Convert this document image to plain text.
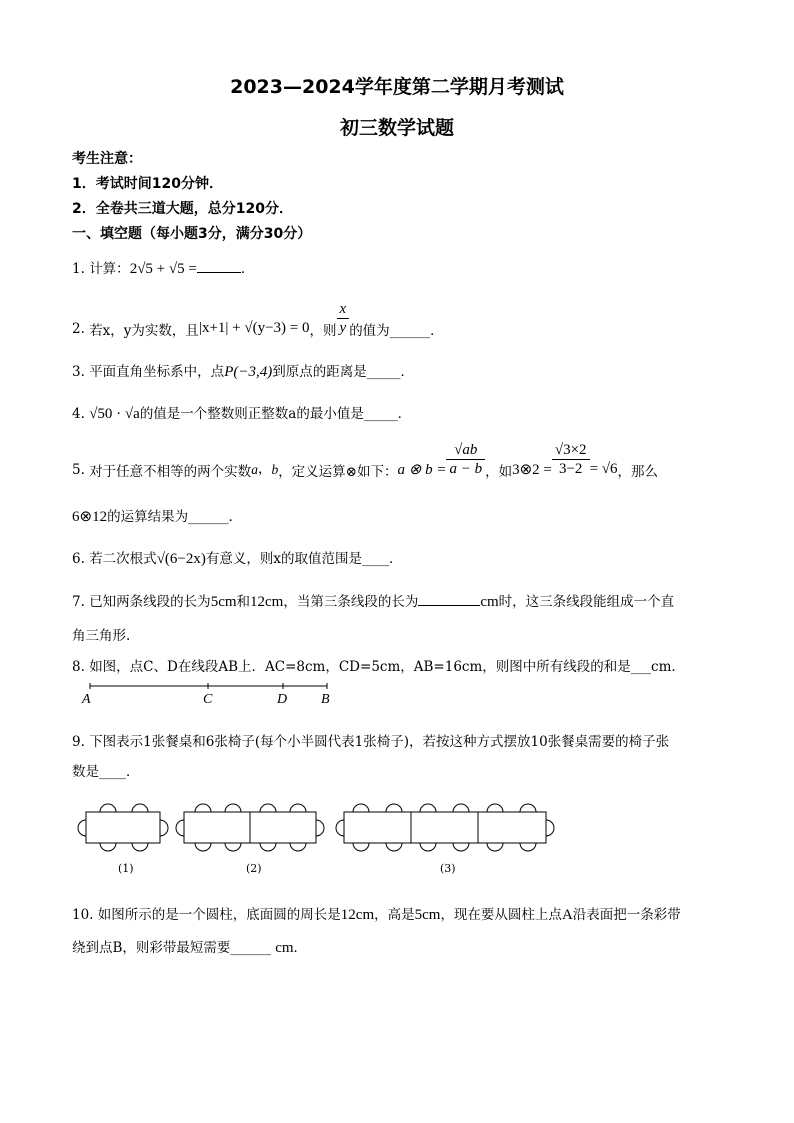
2023—2024学年度第二学期月考测试
初三数学试题
考生注意：
1．考试时间120分钟．
2．全卷共三道大题，总分120分．
一、填空题（每小题3分，满分30分）
1. 计算：2√5 + √5 =	．
2. 若x，y为实数，且|x+1| + √(y−3) = 0，则 $\frac{x}{y}$ 的值为______．
3. 平面直角坐标系中，点P(−3,4)到原点的距离是_____．
4. √50 · √a的值是一个整数则正整数a的最小值是_____．
5. 对于任意不相等的两个实数a，b，定义运算⊗如下：a ⊗ $b = \frac{√ab}{a - b}$ ，如3⊗2 = $\frac{√3\times 2}{3-2} = √6$，那么
6⊗12的运算结果为______．
6. 若二次根式√(6−2x)有意义，则x的取值范围是____．
7. 已知两条线段的长为5cm和12cm，当第三条线段的长为	cm时，这三条线段能组成一个直
角三角形.
8. 如图，点C、D在线段AB上．AC=8cm，CD=5cm，AB=16cm，则图中所有线段的和是___cm．
A	C	D B
9. 下图表示1张餐桌和6张椅子(每个小半圆代表1张椅子)，若按这种方式摆放10张餐桌需要的椅子张
数是____．
(1)	(2)	(3)
10. 如图所示的是一个圆柱，底面圆的周长是12cm，高是5cm，现在要从圆柱上点A沿表面把一条彩带
绕到点B，则彩带最短需要______ cm．
